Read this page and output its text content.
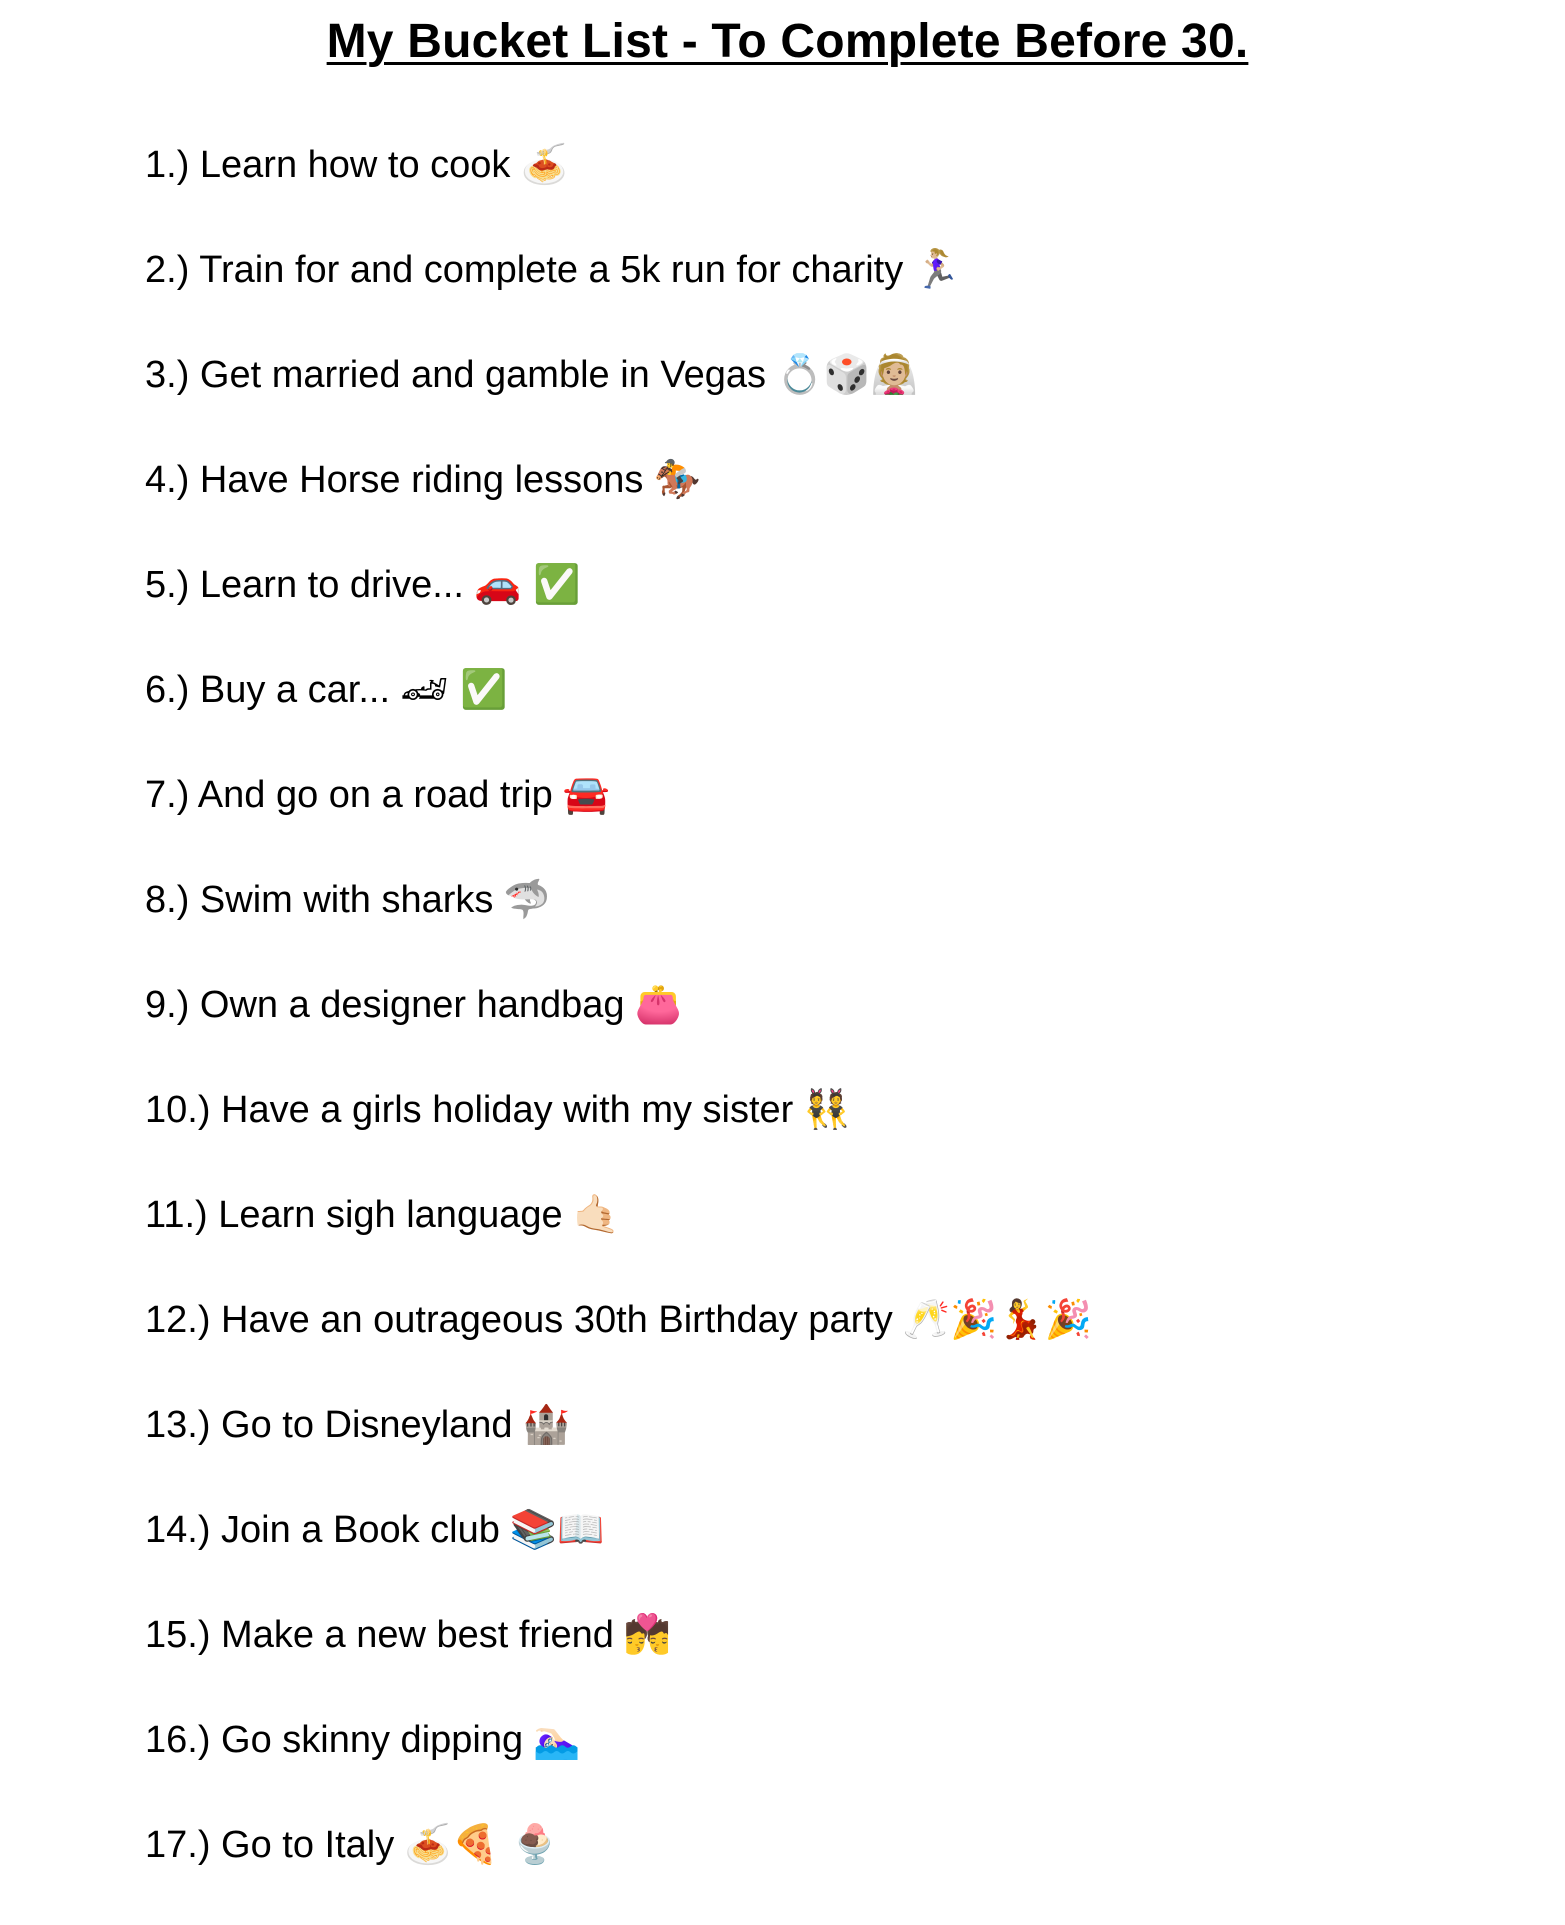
My Bucket List - To Complete Before 30.
1.) Learn how to cook 🍝
2.) Train for and complete a 5k run for charity 🏃🏼‍♀️
3.) Get married and gamble in Vegas 💍🎲👰🏼
4.) Have Horse riding lessons 🏇
5.) Learn to drive... 🚗 ✅
6.) Buy a car... 🏎 ✅
7.) And go on a road trip 🚘
8.) Swim with sharks 🦈
9.) Own a designer handbag 👛
10.) Have a girls holiday with my sister 👯
11.) Learn sigh language 🤙🏻
12.) Have an outrageous 30th Birthday party 🥂🎉💃🎉
13.) Go to Disneyland 🏰
14.) Join a Book club 📚📖
15.) Make a new best friend 💏
16.) Go skinny dipping 🏊🏻‍♀️
17.) Go to Italy 🍝🍕 🍨
